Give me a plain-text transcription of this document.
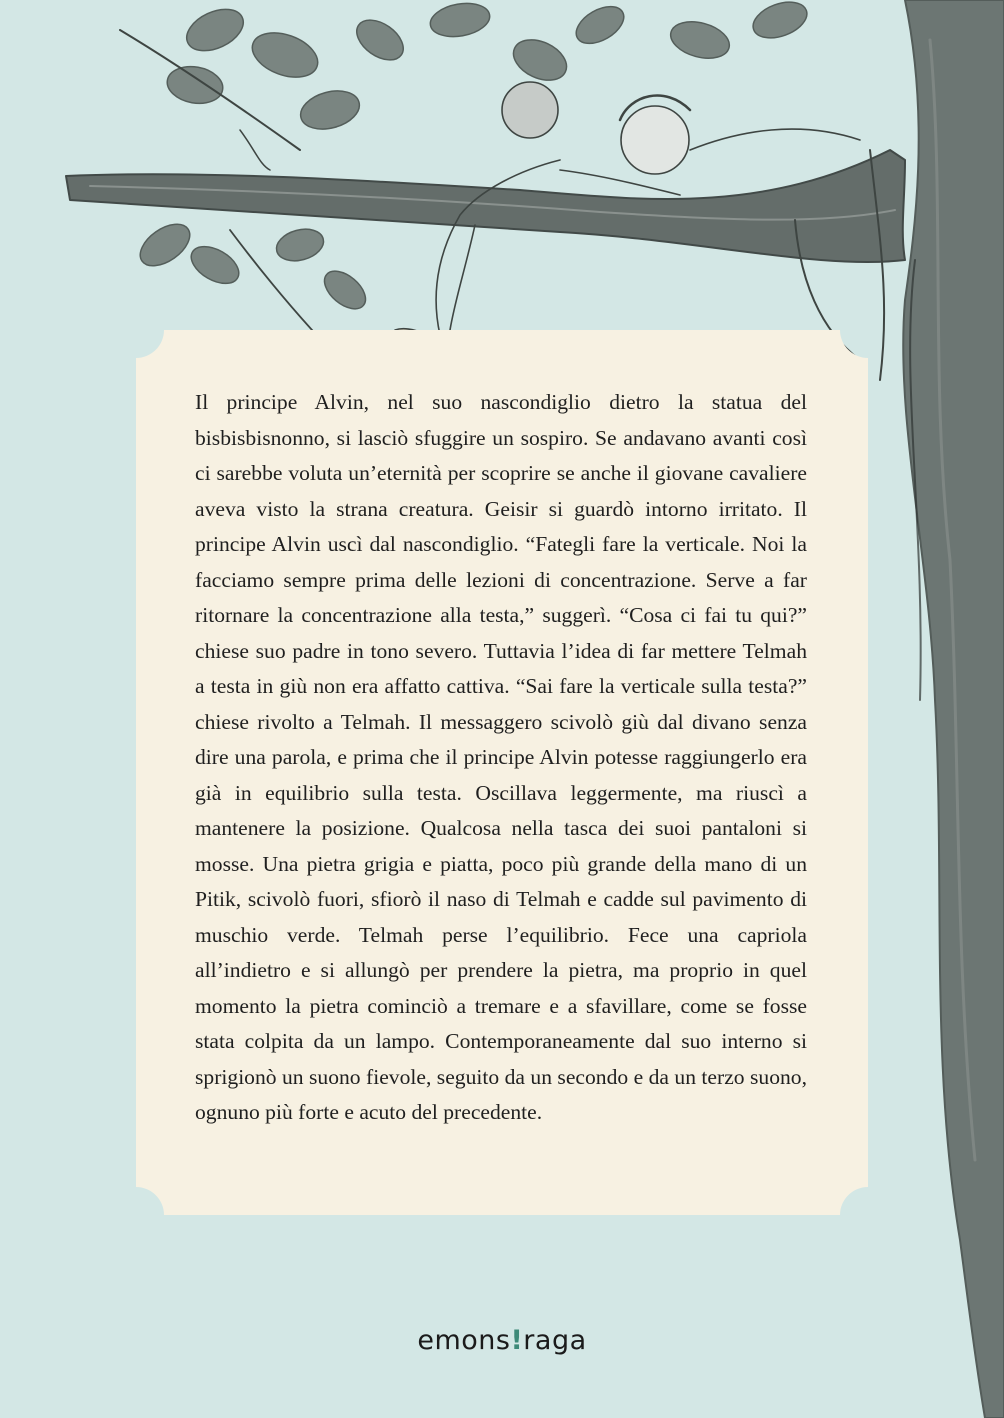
Il principe Alvin, nel suo nascondiglio dietro la statua del bisbisbisnonno, si lasciò sfuggire un sospiro. Se andavano avanti così ci sarebbe voluta un’eternità per scoprire se anche il giovane cavaliere aveva visto la strana creatura. Geisir si guardò intorno irritato. Il principe Alvin uscì dal nascondiglio. “Fategli fare la verticale. Noi la facciamo sempre prima delle lezioni di concentrazione. Serve a far ritornare la concentrazione alla testa,” suggerì. “Cosa ci fai tu qui?” chiese suo padre in tono severo. Tuttavia l’idea di far mettere Telmah a testa in giù non era affatto cattiva. “Sai fare la verticale sulla testa?” chiese rivolto a Telmah. Il messaggero scivolò giù dal divano senza dire una parola, e prima che il principe Alvin potesse raggiungerlo era già in equilibrio sulla testa. Oscillava leggermente, ma riuscì a mantenere la posizione. Qualcosa nella tasca dei suoi pantaloni si mosse. Una pietra grigia e piatta, poco più grande della mano di un Pitik, scivolò fuori, sfiorò il naso di Telmah e cadde sul pavimento di muschio verde. Telmah perse l’equilibrio. Fece una capriola all’indietro e si allungò per prendere la pietra, ma proprio in quel momento la pietra cominciò a tremare e a sfavillare, come se fosse stata colpita da un lampo. Contemporaneamente dal suo interno si sprigionò un suono fievole, seguito da un secondo e da un terzo suono, ognuno più forte e acuto del precedente.

emons!raga
